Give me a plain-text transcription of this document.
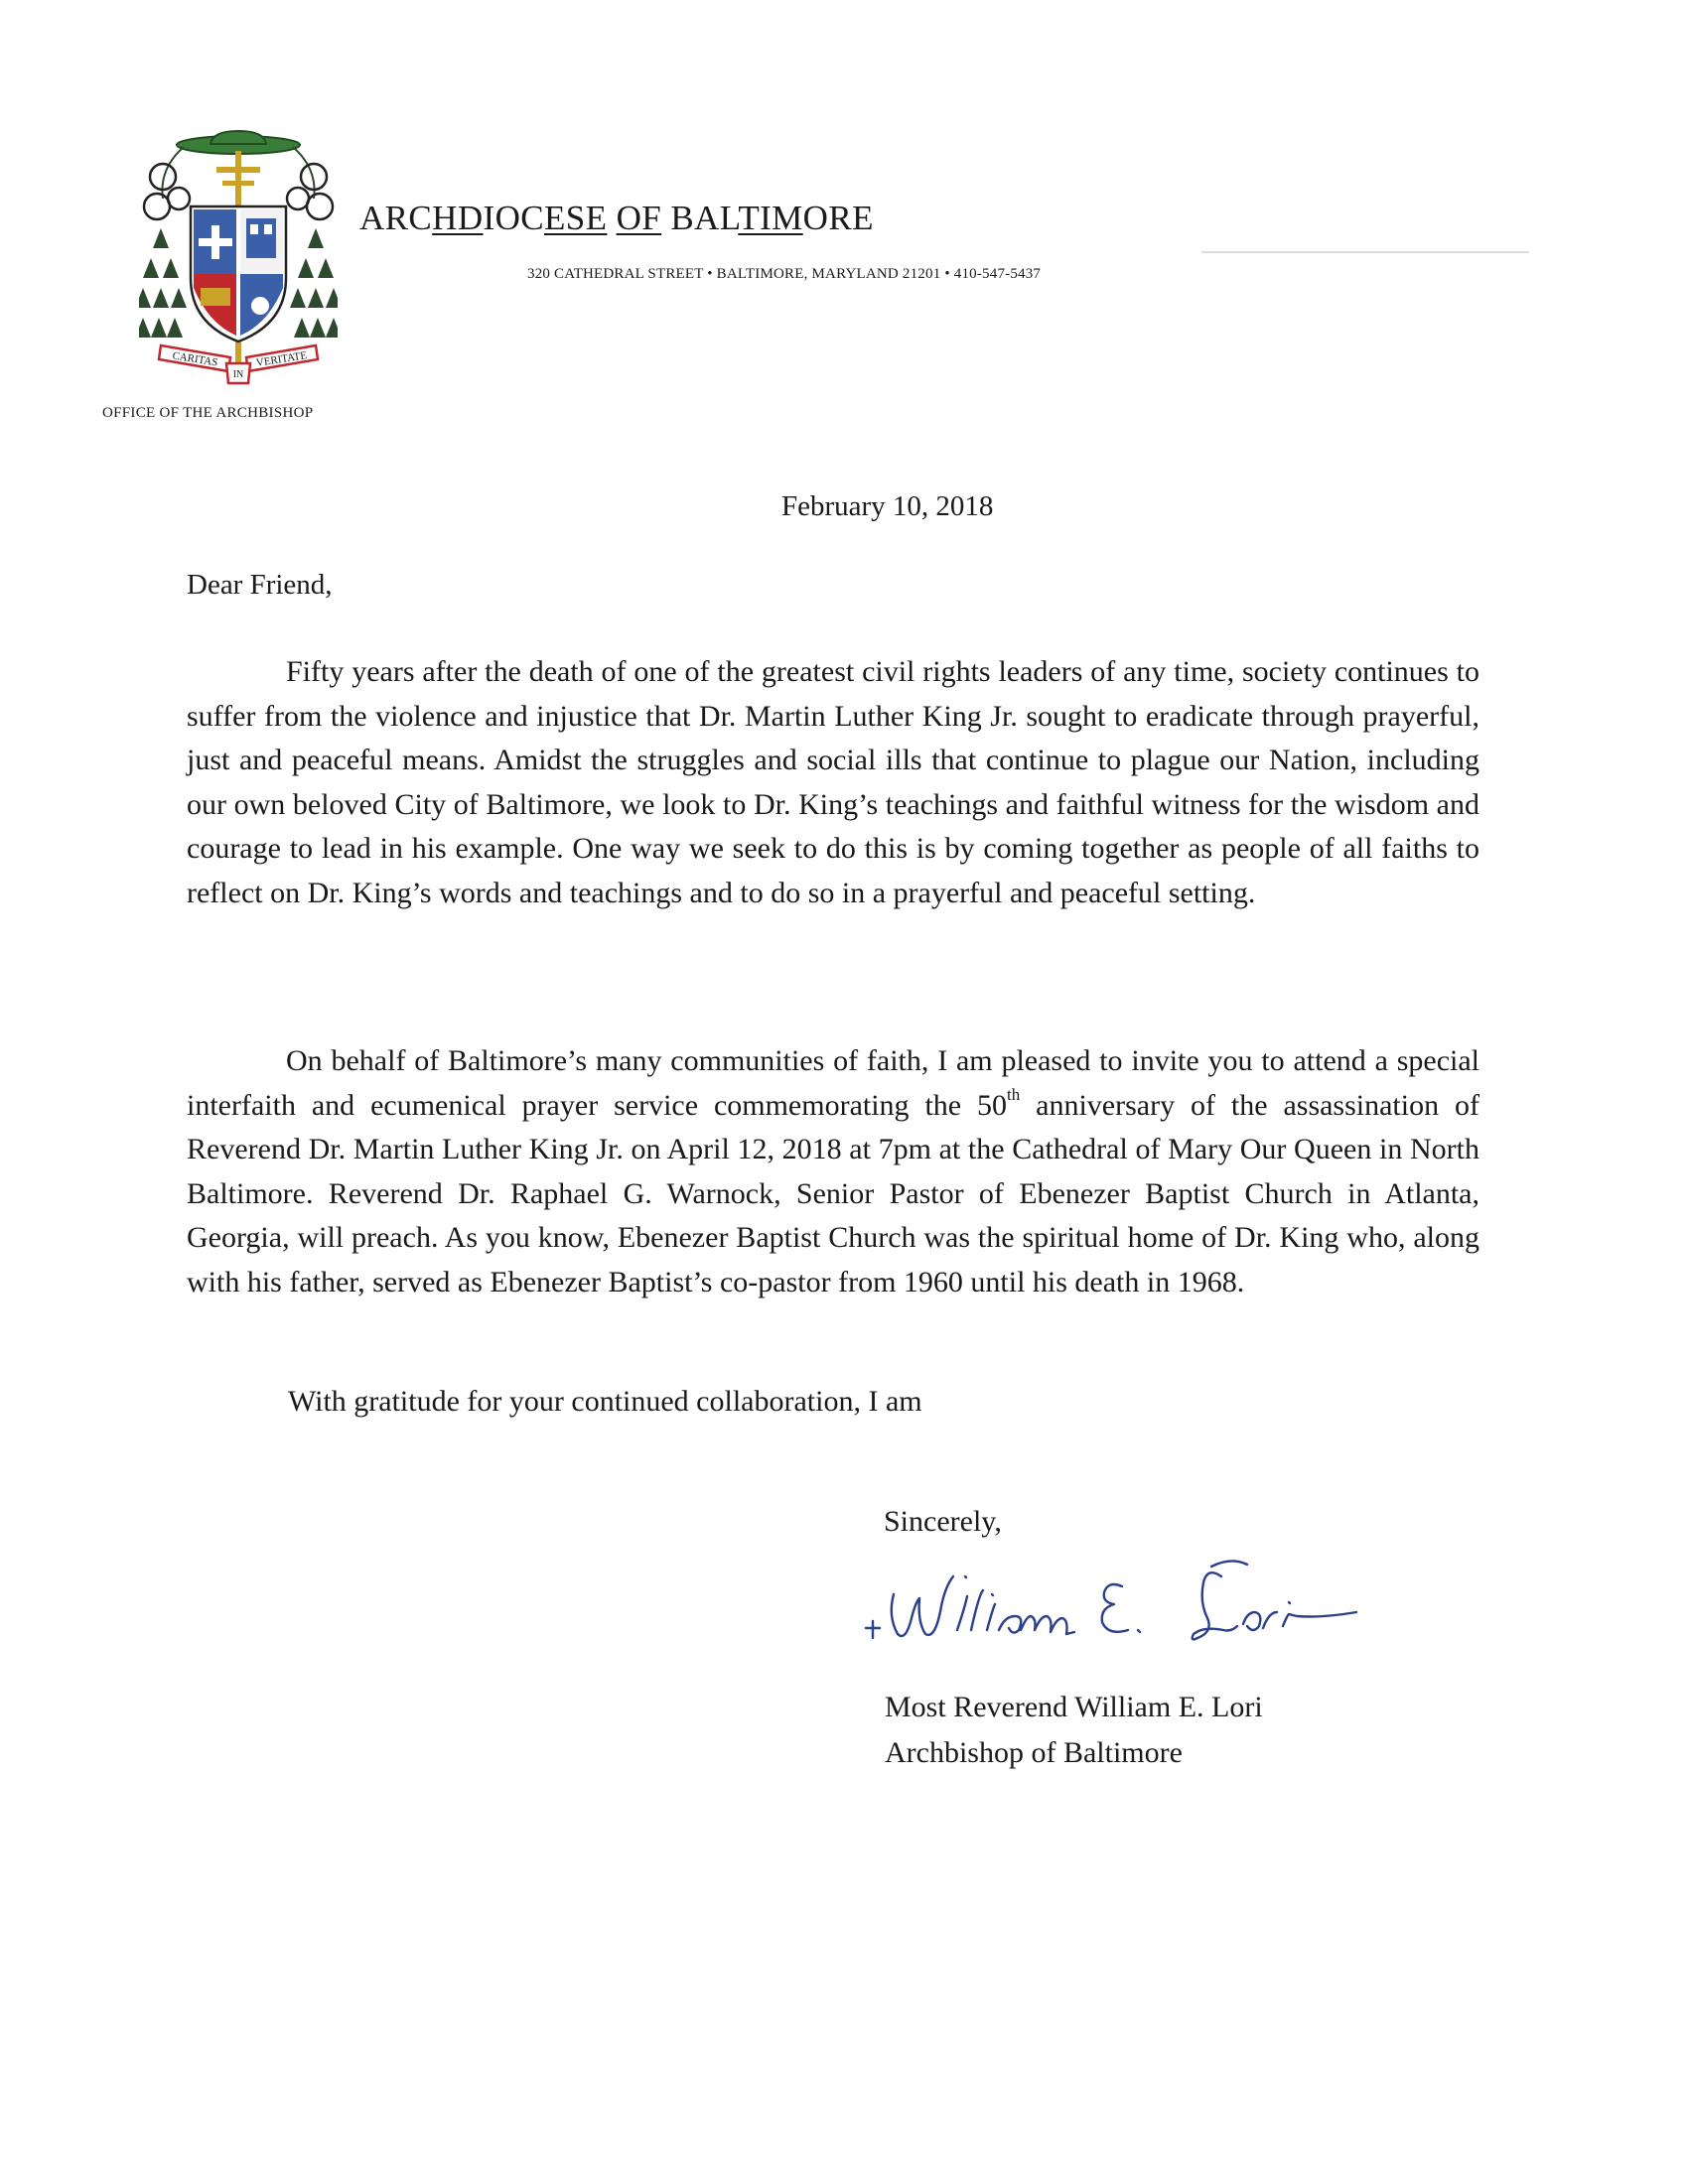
CARITAS
IN
VERITATE
OFFICE OF THE ARCHBISHOP
ARCHDIOCESE OF BALTIMORE
320 CATHEDRAL STREET • BALTIMORE, MARYLAND 21201 • 410-547-5437
February 10, 2018
Dear Friend,

Fifty years after the death of one of the greatest civil rights leaders of any time, society continues to suffer from the violence and injustice that Dr. Martin Luther King Jr. sought to eradicate through prayerful, just and peaceful means. Amidst the struggles and social ills that continue to plague our Nation, including our own beloved City of Baltimore, we look to Dr. King’s teachings and faithful witness for the wisdom and courage to lead in his example. One way we seek to do this is by coming together as people of all faiths to reflect on Dr. King’s words and teachings and to do so in a prayerful and peaceful setting.

On behalf of Baltimore’s many communities of faith, I am pleased to invite you to attend a special interfaith and ecumenical prayer service commemorating the 50th anniversary of the assassination of Reverend Dr. Martin Luther King Jr. on April 12, 2018 at 7pm at the Cathedral of Mary Our Queen in North Baltimore. Reverend Dr. Raphael G. Warnock, Senior Pastor of Ebenezer Baptist Church in Atlanta, Georgia, will preach. As you know, Ebenezer Baptist Church was the spiritual home of Dr. King who, along with his father, served as Ebenezer Baptist’s co-pastor from 1960 until his death in 1968.

With gratitude for your continued collaboration, I am
Sincerely,
Most Reverend William E. Lori
Archbishop of Baltimore
